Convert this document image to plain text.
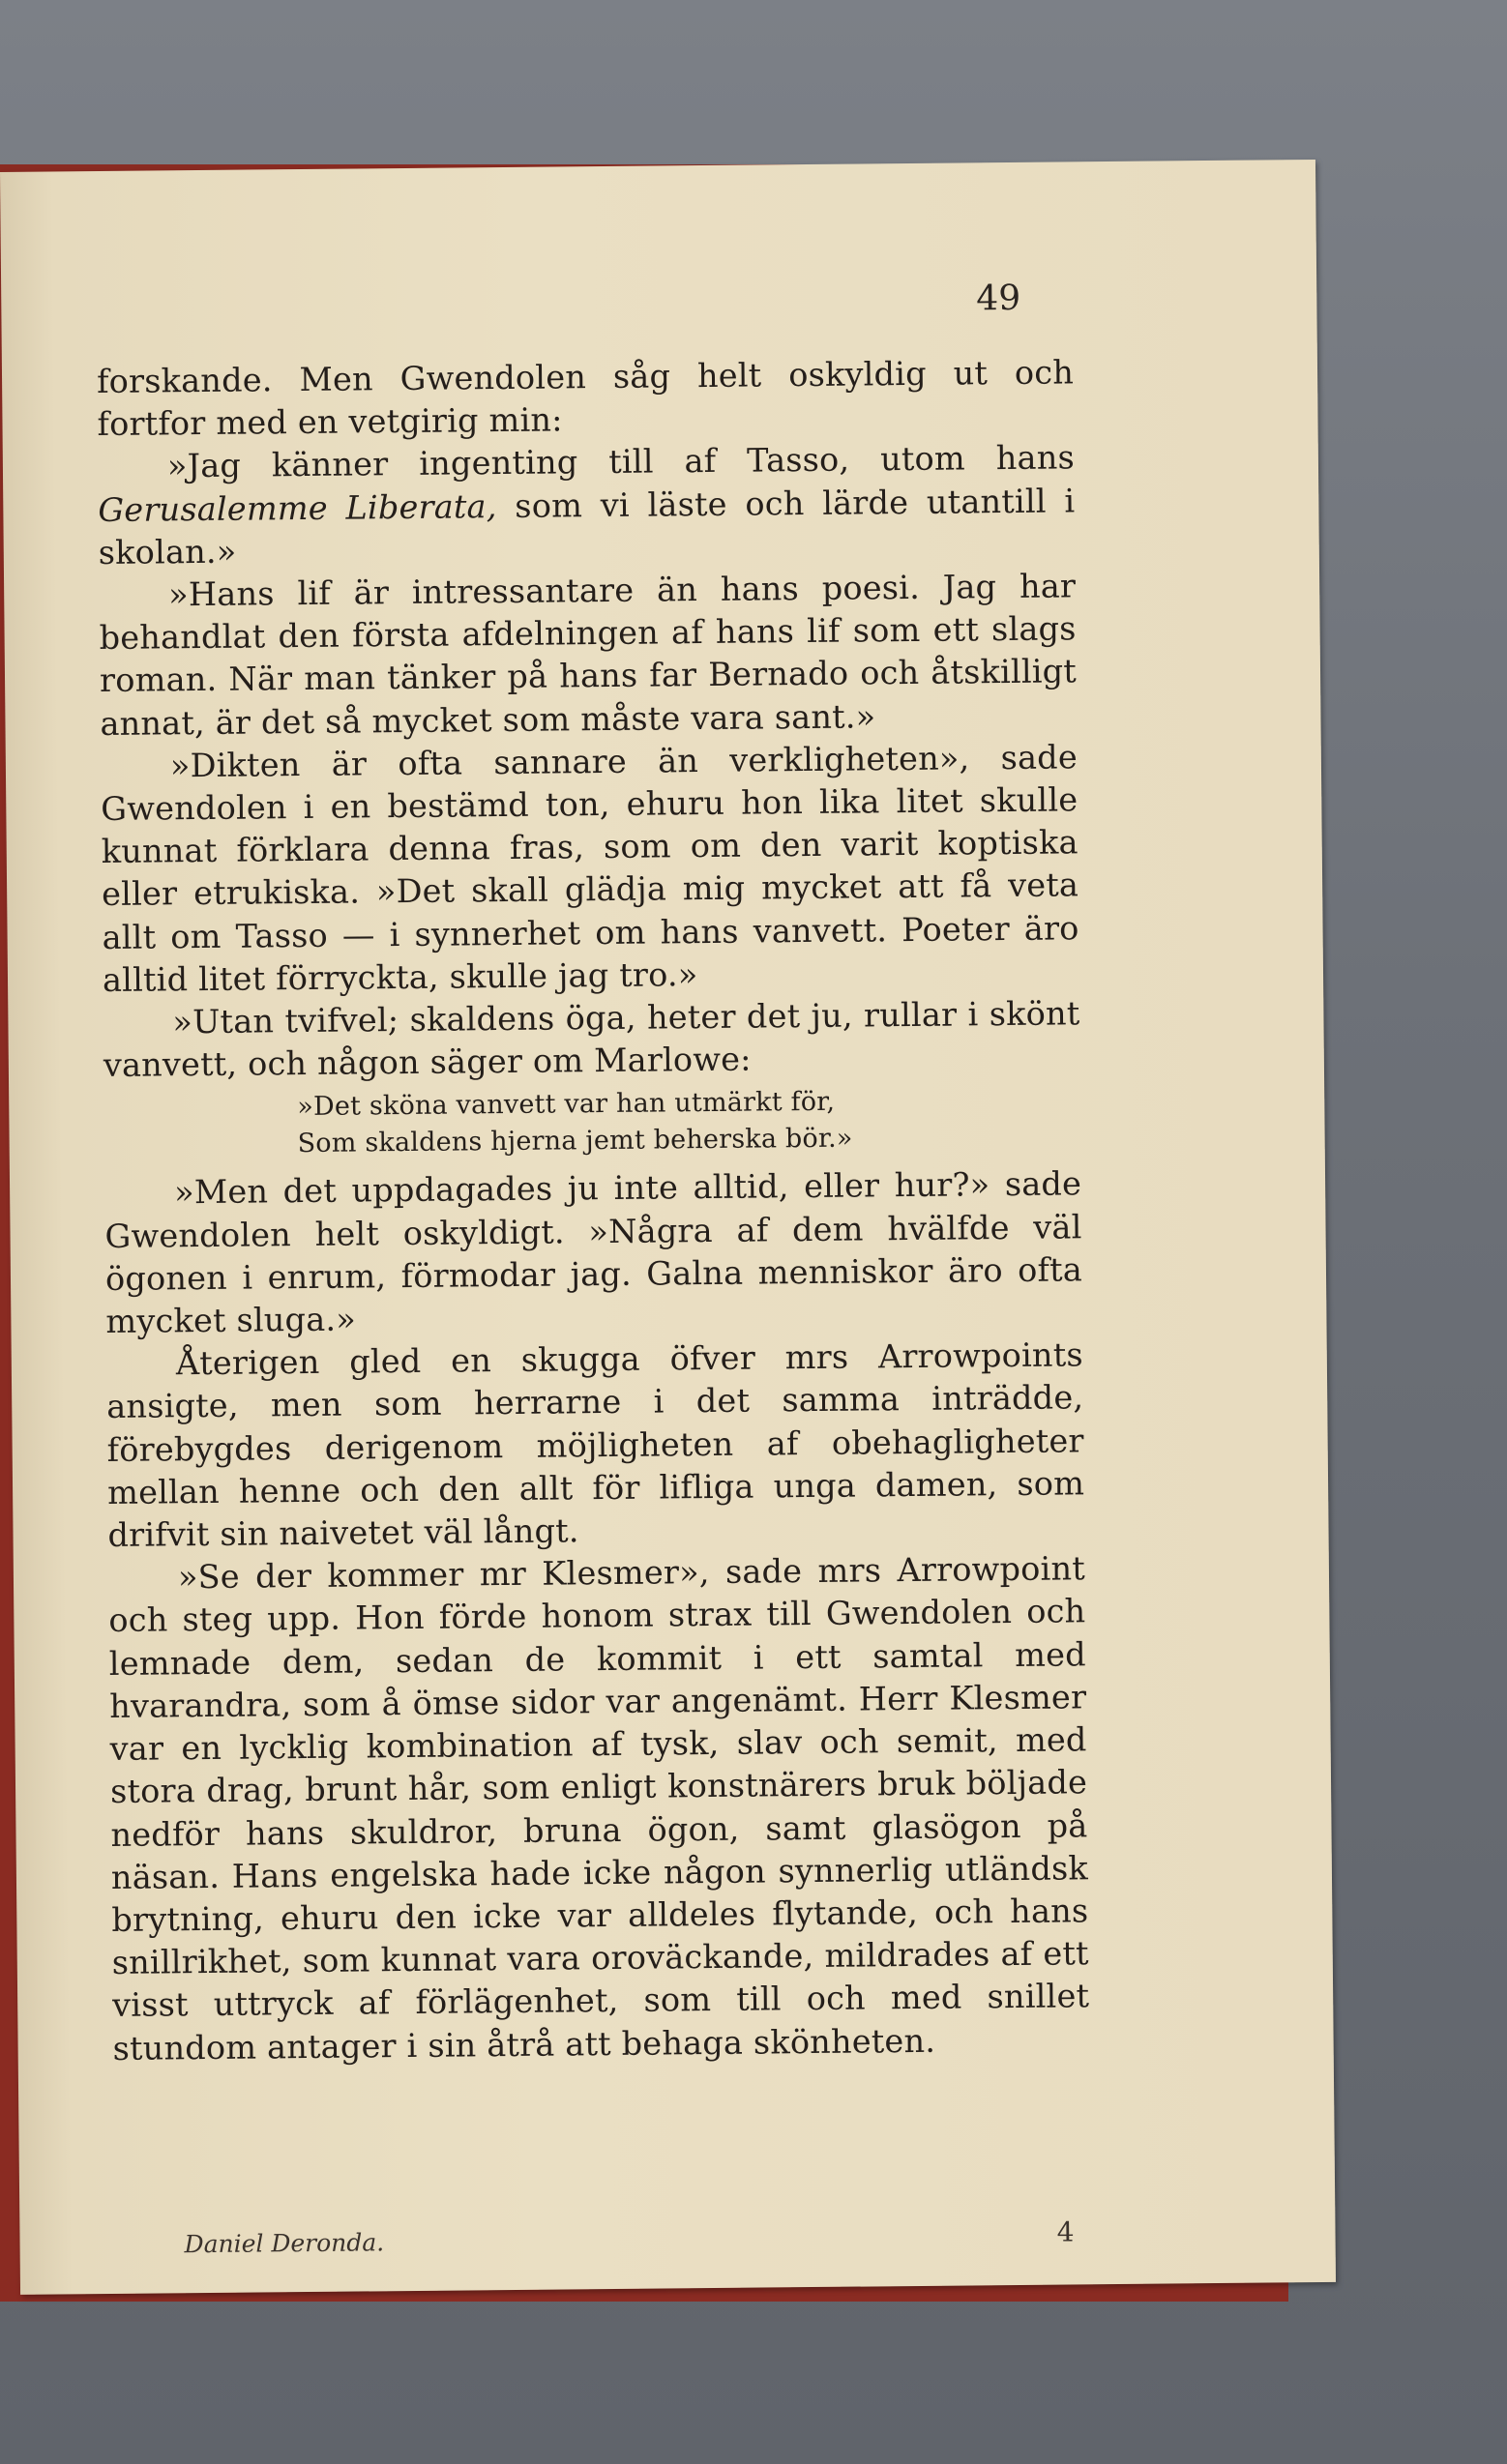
49

forskande. Men Gwendolen såg helt oskyldig ut och fortfor med en vetgirig min:

»Jag känner ingenting till af Tasso, utom hans Gerusalemme Liberata, som vi läste och lärde utantill i skolan.»

»Hans lif är intressantare än hans poesi. Jag har behandlat den första afdelningen af hans lif som ett slags roman. När man tänker på hans far Bernado och åtskilligt annat, är det så mycket som måste vara sant.»

»Dikten är ofta sannare än verkligheten», sade Gwendolen i en bestämd ton, ehuru hon lika litet skulle kunnat förklara denna fras, som om den varit koptiska eller etrukiska. »Det skall glädja mig mycket att få veta allt om Tasso — i synnerhet om hans vanvett. Poeter äro alltid litet förryckta, skulle jag tro.»

»Utan tvifvel; skaldens öga, heter det ju, rullar i skönt vanvett, och någon säger om Marlowe:

»Det sköna vanvett var han utmärkt för,
Som skaldens hjerna jemt beherska bör.»

»Men det uppdagades ju inte alltid, eller hur?» sade Gwendolen helt oskyldigt. »Några af dem hvälfde väl ögonen i enrum, förmodar jag. Galna menniskor äro ofta mycket sluga.»

Återigen gled en skugga öfver mrs Arrowpoints ansigte, men som herrarne i det samma inträdde, förebygdes derigenom möjligheten af obehagligheter mellan henne och den allt för lifliga unga damen, som drifvit sin naivetet väl långt.

»Se der kommer mr Klesmer», sade mrs Arrowpoint och steg upp. Hon förde honom strax till Gwendolen och lemnade dem, sedan de kommit i ett samtal med hvarandra, som å ömse sidor var angenämt. Herr Klesmer var en lycklig kombination af tysk, slav och semit, med stora drag, brunt hår, som enligt konstnärers bruk böljade nedför hans skuldror, bruna ögon, samt glasögon på näsan. Hans engelska hade icke någon synnerlig utländsk brytning, ehuru den icke var alldeles flytande, och hans snillrikhet, som kunnat vara oroväckande, mildrades af ett visst uttryck af förlägenhet, som till och med snillet stundom antager i sin åtrå att behaga skönheten.

Daniel Deronda.	4
